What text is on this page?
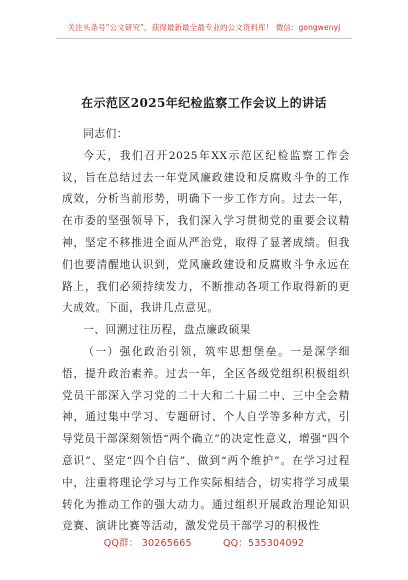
关注头条号“公文研究”，获得最新最全最专业的公文资料库！ 微信：gongwenyj
在示范区2025年纪检监察工作会议上的讲话

同志们：

今天，我们召开2025年XX示范区纪检监察工作会议，旨在总结过去一年党风廉政建设和反腐败斗争的工作成效，分析当前形势，明确下一步工作方向。过去一年，在市委的坚强领导下，我们深入学习贯彻党的重要会议精神，坚定不移推进全面从严治党，取得了显著成绩。但我们也要清醒地认识到，党风廉政建设和反腐败斗争永远在路上，我们必须持续发力，不断推动各项工作取得新的更大成效。下面，我讲几点意见。

一、回溯过往历程，盘点廉政硕果

（一）强化政治引领，筑牢思想堡垒。一是深学细悟，提升政治素养。过去一年，全区各级党组织积极组织党员干部深入学习党的二十大和二十届二中、三中全会精神，通过集中学习、专题研讨、个人自学等多种方式，引导党员干部深刻领悟“两个确立”的决定性意义，增强“四个意识”、坚定“四个自信”、做到“两个维护”。在学习过程中，注重将理论学习与工作实际相结合，切实将学习成果转化为推动工作的强大动力。通过组织开展政治理论知识竞赛、演讲比赛等活动，激发党员干部学习的积极性

QQ群： 30265665	QQ：535304092
